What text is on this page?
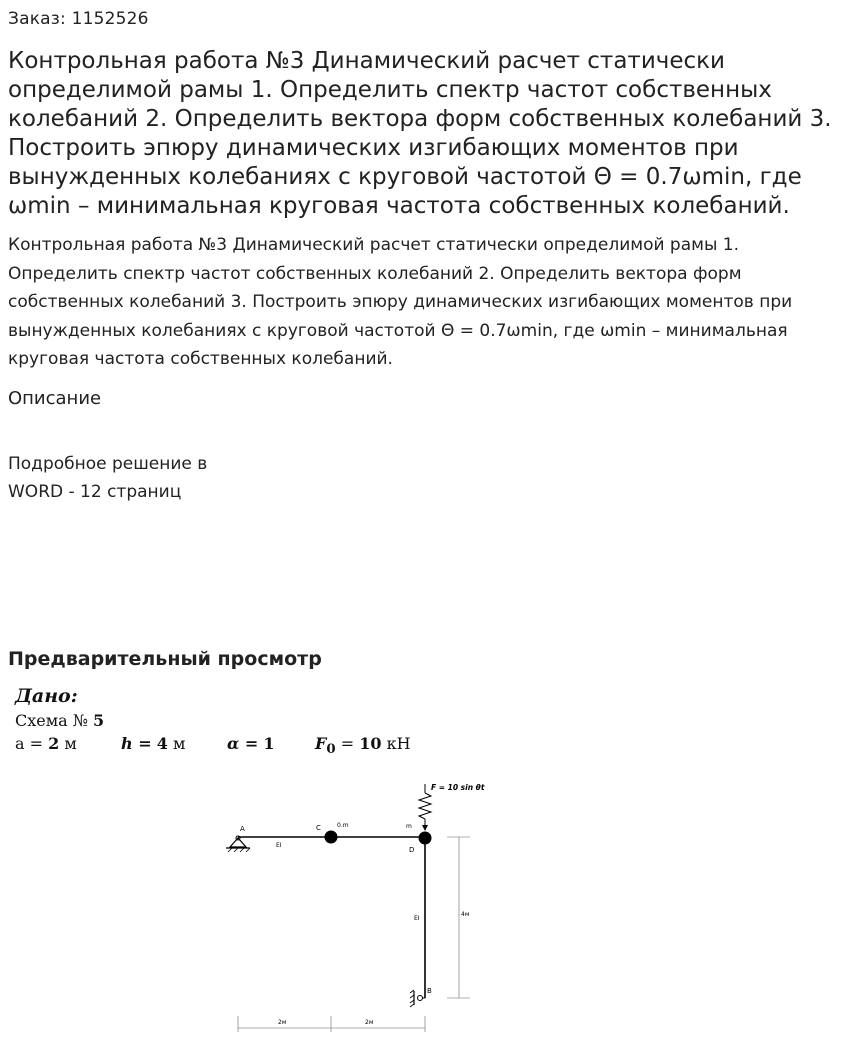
Заказ: 1152526
Контрольная работа №3 Динамический расчет статически определимой рамы 1. Определить спектр частот собственных колебаний 2. Определить вектора форм собственных колебаний 3. Построить эпюру динамических изгибающих моментов при вынужденных колебаниях с круговой частотой Θ = 0.7ωmin, где ωmin – минимальная круговая частота собственных колебаний.

Контрольная работа №3 Динамический расчет статически определимой рамы 1. Определить спектр частот собственных колебаний 2. Определить вектора форм собственных колебаний 3. Построить эпюру динамических изгибающих моментов при вынужденных колебаниях с круговой частотой Θ = 0.7ωmin, где ωmin – минимальная круговая частота собственных колебаний.

Описание
Подробное решение в
WORD - 12 страниц
Предварительный просмотр
Дано:
Схема № 5
a = 2 м	h = 4 м	α = 1	$F_0 = 10$ кН
F = 10 sin θt
A	C	0.m	m
D
B
EI
EI
4м
2м	2м
